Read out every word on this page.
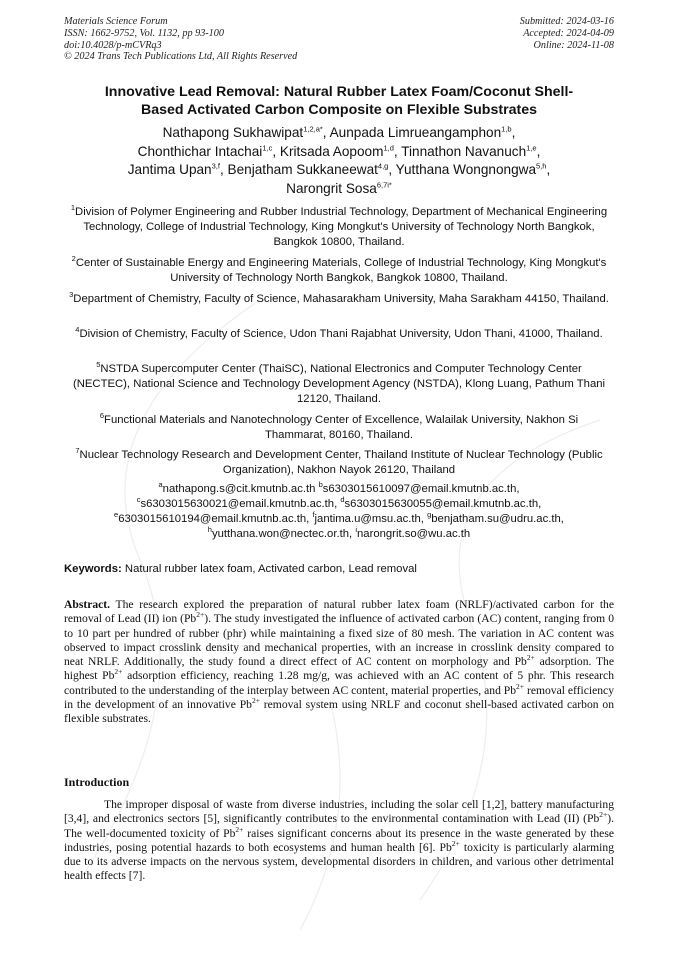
Materials Science Forum
ISSN: 1662-9752, Vol. 1132, pp 93-100
doi:10.4028/p-mCVRq3
© 2024 Trans Tech Publications Ltd, All Rights Reserved
Submitted: 2024-03-16
Accepted: 2024-04-09
Online: 2024-11-08
Innovative Lead Removal: Natural Rubber Latex Foam/Coconut Shell-
Based Activated Carbon Composite on Flexible Substrates
Nathapong Sukhawipat$^{1,2,a*}$, Aunpada Limrueangamphon$^{1,b}$,
Chonthichar Intachai$^{1,c}$, Kritsada Aopoom$^{1,d}$, Tinnathon Navanuch$^{1,e}$,
Jantima Upan$^{3,f}$, Benjatham Sukkaneewat$^{4,g}$, Yutthana Wongnongwa$^{5,h}$,
Narongrit Sosa$^{6,7i*}$
$^1$Division of Polymer Engineering and Rubber Industrial Technology, Department of Mechanical Engineering Technology, College of Industrial Technology, King Mongkut's University of Technology North Bangkok, Bangkok 10800, Thailand.
$^2$Center of Sustainable Energy and Engineering Materials, College of Industrial Technology, King Mongkut's University of Technology North Bangkok, Bangkok 10800, Thailand.
$^3$Department of Chemistry, Faculty of Science, Mahasarakham University, Maha Sarakham 44150, Thailand.
$^4$Division of Chemistry, Faculty of Science, Udon Thani Rajabhat University, Udon Thani, 41000, Thailand.
$^5$NSTDA Supercomputer Center (ThaiSC), National Electronics and Computer Technology Center (NECTEC), National Science and Technology Development Agency (NSTDA), Klong Luang, Pathum Thani 12120, Thailand.
$^6$Functional Materials and Nanotechnology Center of Excellence, Walailak University, Nakhon Si Thammarat, 80160, Thailand.
$^7$Nuclear Technology Research and Development Center, Thailand Institute of Nuclear Technology (Public Organization), Nakhon Nayok 26120, Thailand
$^a$nathapong.s@cit.kmutnb.ac.th $^b$s6303015610097@email.kmutnb.ac.th,
$^c$s6303015630021@email.kmutnb.ac.th, $^d$s6303015630055@email.kmutnb.ac.th,
$^e$6303015610194@email.kmutnb.ac.th, $^f$jantima.u@msu.ac.th, $^g$benjatham.su@udru.ac.th,
$^h$yutthana.won@nectec.or.th, $^i$narongrit.so@wu.ac.th
Keywords: Natural rubber latex foam, Activated carbon, Lead removal
Abstract. The research explored the preparation of natural rubber latex foam (NRLF)/activated carbon for the removal of Lead (II) ion $(Pb^{2+})$. The study investigated the influence of activated carbon (AC) content, ranging from 0 to 10 part per hundred of rubber (phr) while maintaining a fixed size of 80 mesh. The variation in AC content was observed to impact crosslink density and mechanical properties, with an increase in crosslink density compared to neat NRLF. Additionally, the study found a direct effect of AC content on morphology and $Pb^{2+}$ adsorption. The highest $Pb^{2+}$ adsorption efficiency, reaching 1.28 mg/g, was achieved with an AC content of 5 phr. This research contributed to the understanding of the interplay between AC content, material properties, and $Pb^{2+}$ removal efficiency in the development of an innovative $Pb^{2+}$ removal system using NRLF and coconut shell-based activated carbon on flexible substrates.
Introduction
The improper disposal of waste from diverse industries, including the solar cell [1,2], battery manufacturing [3,4], and electronics sectors [5], significantly contributes to the environmental contamination with Lead (II) $(Pb^{2+})$. The well-documented toxicity of $Pb^{2+}$ raises significant concerns about its presence in the waste generated by these industries, posing potential hazards to both ecosystems and human health [6]. $Pb^{2+}$ toxicity is particularly alarming due to its adverse impacts on the nervous system, developmental disorders in children, and various other detrimental health effects [7].
